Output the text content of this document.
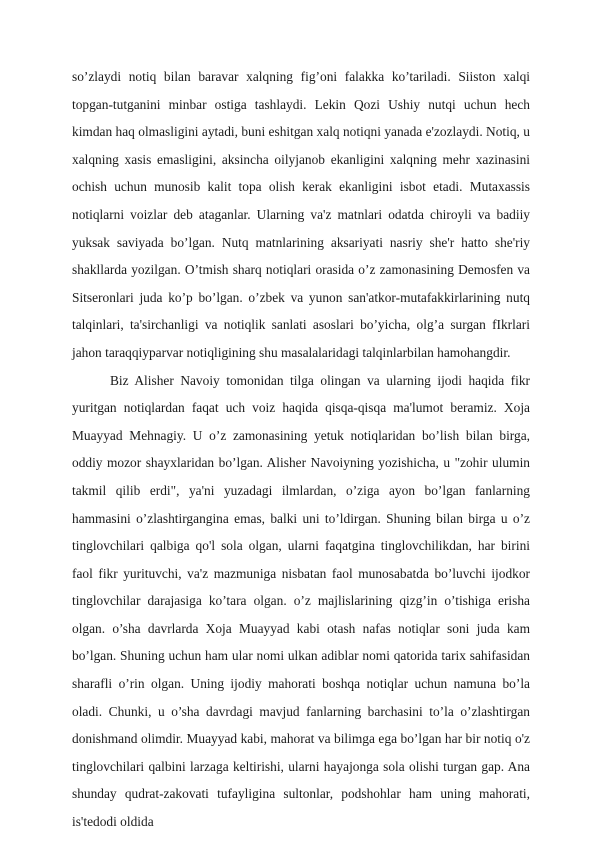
so’zlaydi notiq bilan baravar xalqning fig’oni falakka ko’tariladi. Siiston xalqi topgan-tutganini minbar ostiga tashlaydi. Lekin Qozi Ushiy nutqi uchun hech kimdan haq olmasligini aytadi, buni eshitgan xalq notiqni yanada e'zozlaydi. Notiq, u xalqning xasis emasligini, aksincha oilyjanob ekanligini xalqning mehr xazinasini ochish uchun munosib kalit topa olish kerak ekanligini isbot etadi. Mutaxassis notiqlarni voizlar deb ataganlar. Ularning va'z matnlari odatda chiroyli va badiiy yuksak saviyada bo’lgan. Nutq matnlarining aksariyati nasriy she'r hatto she'riy shakllarda yozilgan. O’tmish sharq notiqlari orasida o’z zamonasining Demosfen va Sitseronlari juda ko’p bo’lgan. o’zbek va yunon san'atkor-mutafakkirlarining nutq talqinlari, ta'sirchanligi va notiqlik sanlati asoslari bo’yicha, olg’a surgan fIkrlari jahon taraqqiyparvar notiqligining shu masalalaridagi talqinlarbilan hamohangdir.

Biz Alisher Navoiy tomonidan tilga olingan va ularning ijodi haqida fikr yuritgan notiqlardan faqat uch voiz haqida qisqa-qisqa ma'lumot beramiz. Xoja Muayyad Mehnagiy. U o’z zamonasining yetuk notiqlaridan bo’lish bilan birga, oddiy mozor shayxlaridan bo’lgan. Alisher Navoiyning yozishicha, u "zohir ulumin takmil qilib erdi", ya'ni yuzadagi ilmlardan, o’ziga ayon bo’lgan fanlarning hammasini o’zlashtirgangina emas, balki uni to’ldirgan. Shuning bilan birga u o’z tinglovchilari qalbiga qo'l sola olgan, ularni faqatgina tinglovchilikdan, har birini faol fikr yurituvchi, va'z mazmuniga nisbatan faol munosabatda bo’luvchi ijodkor tinglovchilar darajasiga ko’tara olgan. o’z majlislarining qizg’in o’tishiga erisha olgan. o’sha davrlarda Xoja Muayyad kabi otash nafas notiqlar soni juda kam bo’lgan. Shuning uchun ham ular nomi ulkan adiblar nomi qatorida tarix sahifasidan sharafli o’rin olgan. Uning ijodiy mahorati boshqa notiqlar uchun namuna bo’la oladi. Chunki, u o’sha davrdagi mavjud fanlarning barchasini to’la o’zlashtirgan donishmand olimdir. Muayyad kabi, mahorat va bilimga ega bo’lgan har bir notiq o'z tinglovchilari qalbini larzaga keltirishi, ularni hayajonga sola olishi turgan gap. Ana shunday qudrat-zakovati tufayligina sultonlar, podshohlar ham uning mahorati, is'tedodi oldida
